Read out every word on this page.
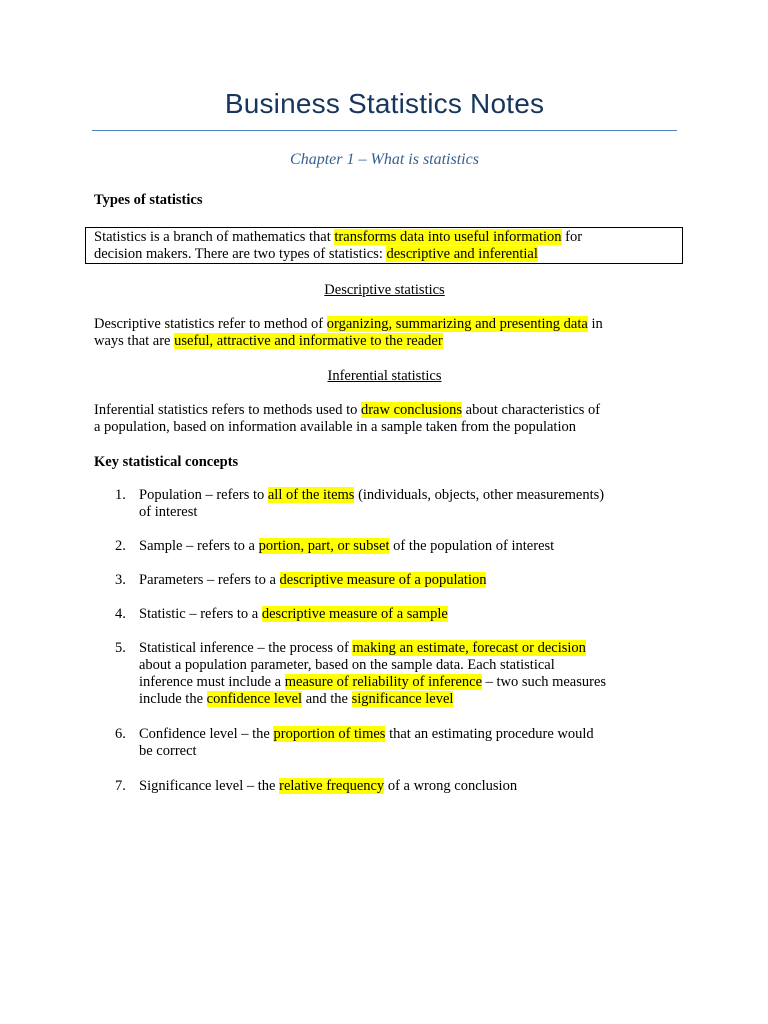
Business Statistics Notes
Chapter 1 – What is statistics
Types of statistics
Statistics is a branch of mathematics that transforms data into useful information for
decision makers. There are two types of statistics: descriptive and inferential
Descriptive statistics
Descriptive statistics refer to method of organizing, summarizing and presenting data in
ways that are useful, attractive and informative to the reader
Inferential statistics
Inferential statistics refers to methods used to draw conclusions about characteristics of
a population, based on information available in a sample taken from the population
Key statistical concepts
1. Population – refers to all of the items (individuals, objects, other measurements)
of interest
2. Sample – refers to a portion, part, or subset of the population of interest
3. Parameters – refers to a descriptive measure of a population
4. Statistic – refers to a descriptive measure of a sample
5. Statistical inference – the process of making an estimate, forecast or decision
about a population parameter, based on the sample data. Each statistical
inference must include a measure of reliability of inference – two such measures
include the confidence level and the significance level
6. Confidence level – the proportion of times that an estimating procedure would
be correct
7. Significance level – the relative frequency of a wrong conclusion
